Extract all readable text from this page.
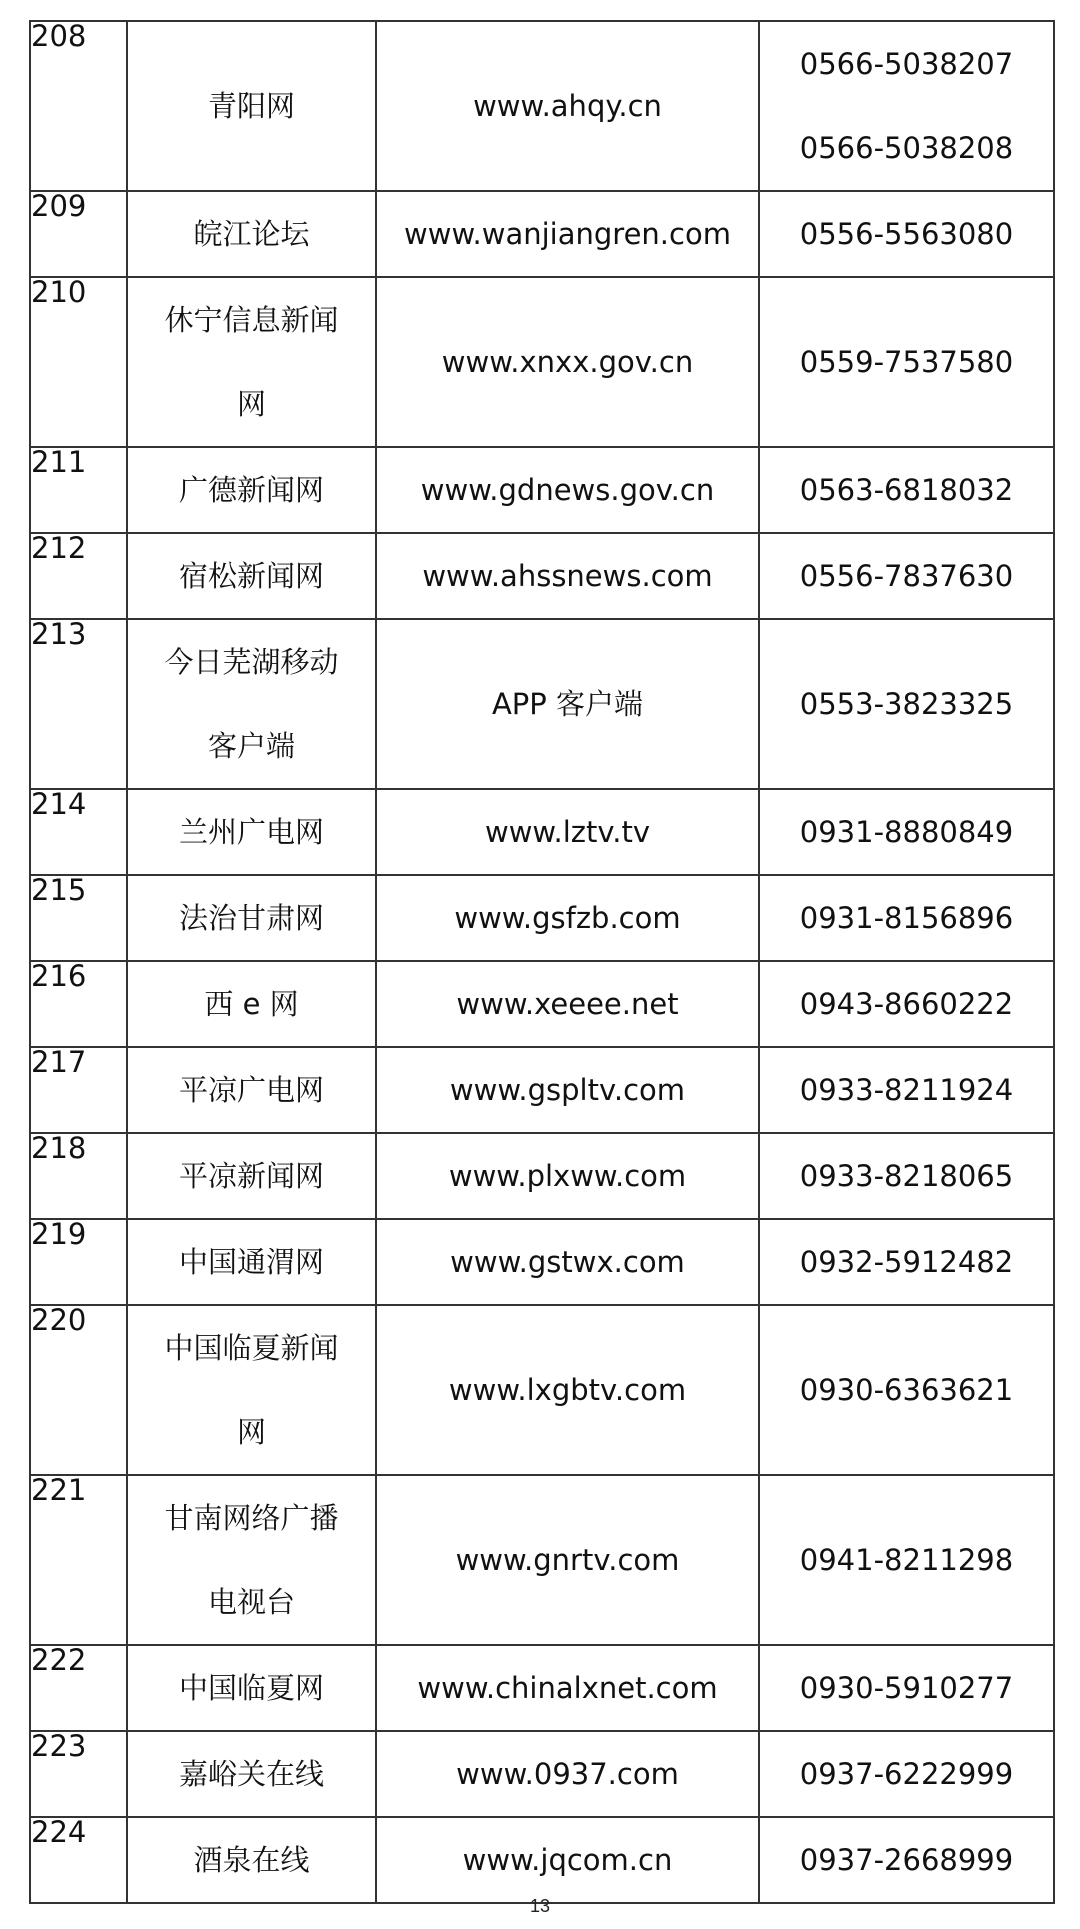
208	青阳网	www.ahqy.cn	0566-5038207
0566-5038208

209	皖江论坛	www.wanjiangren.com	0556-5563080

210	休宁信息新闻网	www.xnxx.gov.cn	0559-7537580

211	广德新闻网	www.gdnews.gov.cn	0563-6818032

212	宿松新闻网	www.ahssnews.com	0556-7837630

213	今日芜湖移动客户端	APP 客户端	0553-3823325

214	兰州广电网	www.lztv.tv	0931-8880849

215	法治甘肃网	www.gsfzb.com	0931-8156896

216	西 e 网	www.xeeee.net	0943-8660222

217	平凉广电网	www.gspltv.com	0933-8211924

218	平凉新闻网	www.plxww.com	0933-8218065

219	中国通渭网	www.gstwx.com	0932-5912482

220	中国临夏新闻网	www.lxgbtv.com	0930-6363621

221	甘南网络广播电视台	www.gnrtv.com	0941-8211298

222	中国临夏网	www.chinalxnet.com	0930-5910277

223	嘉峪关在线	www.0937.com	0937-6222999

224	酒泉在线	www.jqcom.cn	0937-2668999
13
